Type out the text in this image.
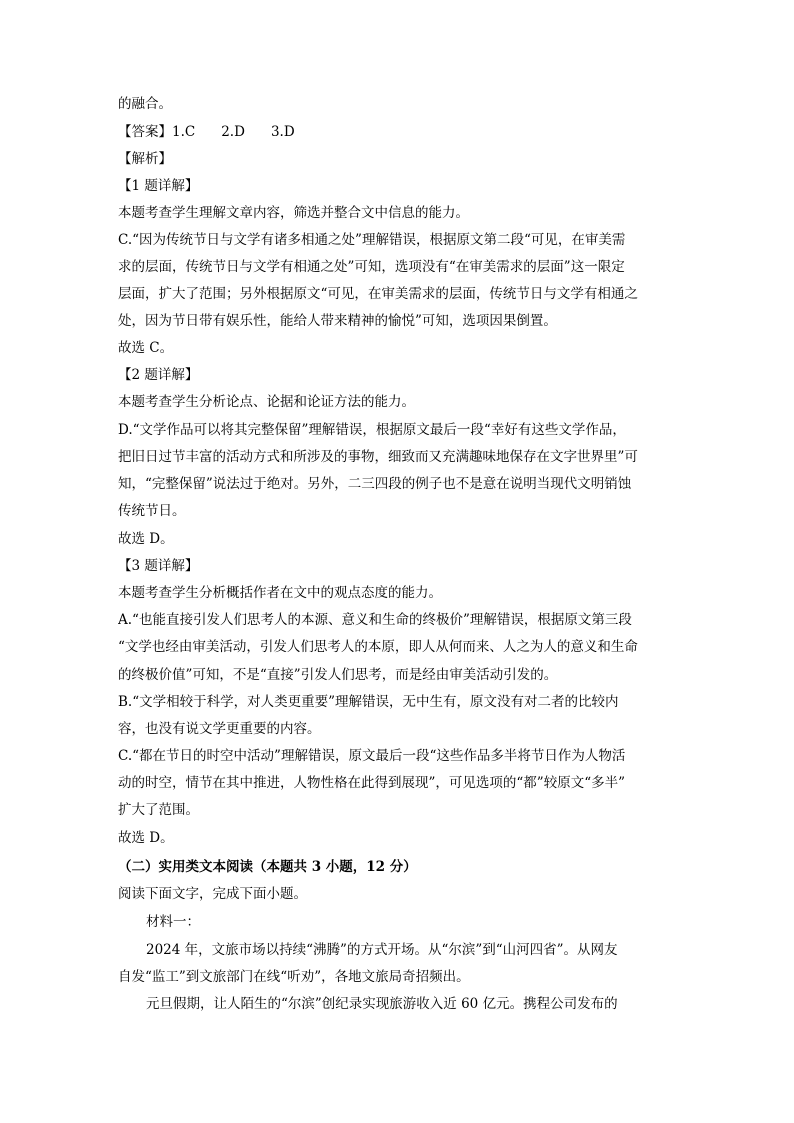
的融合。
【答案】1.C 2.D 3.D
【解析】
【1 题详解】
本题考查学生理解文章内容，筛选并整合文中信息的能力。
C.“因为传统节日与文学有诸多相通之处”理解错误，根据原文第二段“可见，在审美需
求的层面，传统节日与文学有相通之处”可知，选项没有“在审美需求的层面”这一限定
层面，扩大了范围；另外根据原文“可见，在审美需求的层面，传统节日与文学有相通之
处，因为节日带有娱乐性，能给人带来精神的愉悦”可知，选项因果倒置。
故选 C。
【2 题详解】
本题考查学生分析论点、论据和论证方法的能力。
D.“文学作品可以将其完整保留”理解错误，根据原文最后一段“幸好有这些文学作品，
把旧日过节丰富的活动方式和所涉及的事物，细致而又充满趣味地保存在文字世界里”可
知，“完整保留”说法过于绝对。另外，二三四段的例子也不是意在说明当现代文明销蚀
传统节日。
故选 D。
【3 题详解】
本题考查学生分析概括作者在文中的观点态度的能力。
A.“也能直接引发人们思考人的本源、意义和生命的终极价”理解错误，根据原文第三段
“文学也经由审美活动，引发人们思考人的本原，即人从何而来、人之为人的意义和生命
的终极价值”可知，不是“直接”引发人们思考，而是经由审美活动引发的。
B.“文学相较于科学，对人类更重要”理解错误，无中生有，原文没有对二者的比较内
容，也没有说文学更重要的内容。
C.“都在节日的时空中活动”理解错误，原文最后一段“这些作品多半将节日作为人物活
动的时空，情节在其中推进，人物性格在此得到展现”，可见选项的“都”较原文“多半”
扩大了范围。
故选 D。
（二）实用类文本阅读（本题共 3 小题，12 分）
阅读下面文字，完成下面小题。
材料一：
2024 年，文旅市场以持续“沸腾”的方式开场。从“尔滨”到“山河四省”。从网友
自发“监工”到文旅部门在线“听劝”，各地文旅局奇招频出。
元旦假期，让人陌生的“尔滨”创纪录实现旅游收入近 60 亿元。携程公司发布的
